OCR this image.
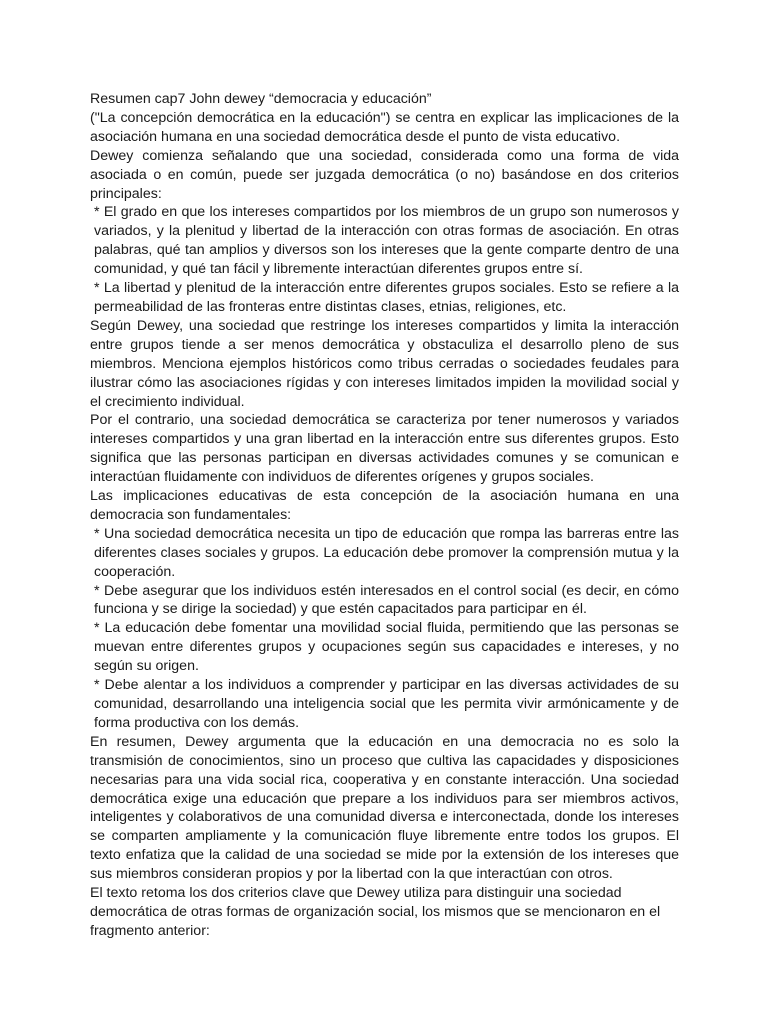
Resumen cap7 John dewey “democracia y educación”

("La concepción democrática en la educación") se centra en explicar las implicaciones de la asociación humana en una sociedad democrática desde el punto de vista educativo.

Dewey comienza señalando que una sociedad, considerada como una forma de vida asociada o en común, puede ser juzgada democrática (o no) basándose en dos criterios principales:

* El grado en que los intereses compartidos por los miembros de un grupo son numerosos y variados, y la plenitud y libertad de la interacción con otras formas de asociación. En otras palabras, qué tan amplios y diversos son los intereses que la gente comparte dentro de una comunidad, y qué tan fácil y libremente interactúan diferentes grupos entre sí.

* La libertad y plenitud de la interacción entre diferentes grupos sociales. Esto se refiere a la permeabilidad de las fronteras entre distintas clases, etnias, religiones, etc.

Según Dewey, una sociedad que restringe los intereses compartidos y limita la interacción entre grupos tiende a ser menos democrática y obstaculiza el desarrollo pleno de sus miembros. Menciona ejemplos históricos como tribus cerradas o sociedades feudales para ilustrar cómo las asociaciones rígidas y con intereses limitados impiden la movilidad social y el crecimiento individual.

Por el contrario, una sociedad democrática se caracteriza por tener numerosos y variados intereses compartidos y una gran libertad en la interacción entre sus diferentes grupos. Esto significa que las personas participan en diversas actividades comunes y se comunican e interactúan fluidamente con individuos de diferentes orígenes y grupos sociales.

Las implicaciones educativas de esta concepción de la asociación humana en una democracia son fundamentales:

* Una sociedad democrática necesita un tipo de educación que rompa las barreras entre las diferentes clases sociales y grupos. La educación debe promover la comprensión mutua y la cooperación.

* Debe asegurar que los individuos estén interesados en el control social (es decir, en cómo funciona y se dirige la sociedad) y que estén capacitados para participar en él.

* La educación debe fomentar una movilidad social fluida, permitiendo que las personas se muevan entre diferentes grupos y ocupaciones según sus capacidades e intereses, y no según su origen.

* Debe alentar a los individuos a comprender y participar en las diversas actividades de su comunidad, desarrollando una inteligencia social que les permita vivir armónicamente y de forma productiva con los demás.

En resumen, Dewey argumenta que la educación en una democracia no es solo la transmisión de conocimientos, sino un proceso que cultiva las capacidades y disposiciones necesarias para una vida social rica, cooperativa y en constante interacción. Una sociedad democrática exige una educación que prepare a los individuos para ser miembros activos, inteligentes y colaborativos de una comunidad diversa e interconectada, donde los intereses se comparten ampliamente y la comunicación fluye libremente entre todos los grupos. El texto enfatiza que la calidad de una sociedad se mide por la extensión de los intereses que sus miembros consideran propios y por la libertad con la que interactúan con otros.

El texto retoma los dos criterios clave que Dewey utiliza para distinguir una sociedad democrática de otras formas de organización social, los mismos que se mencionaron en el fragmento anterior:
